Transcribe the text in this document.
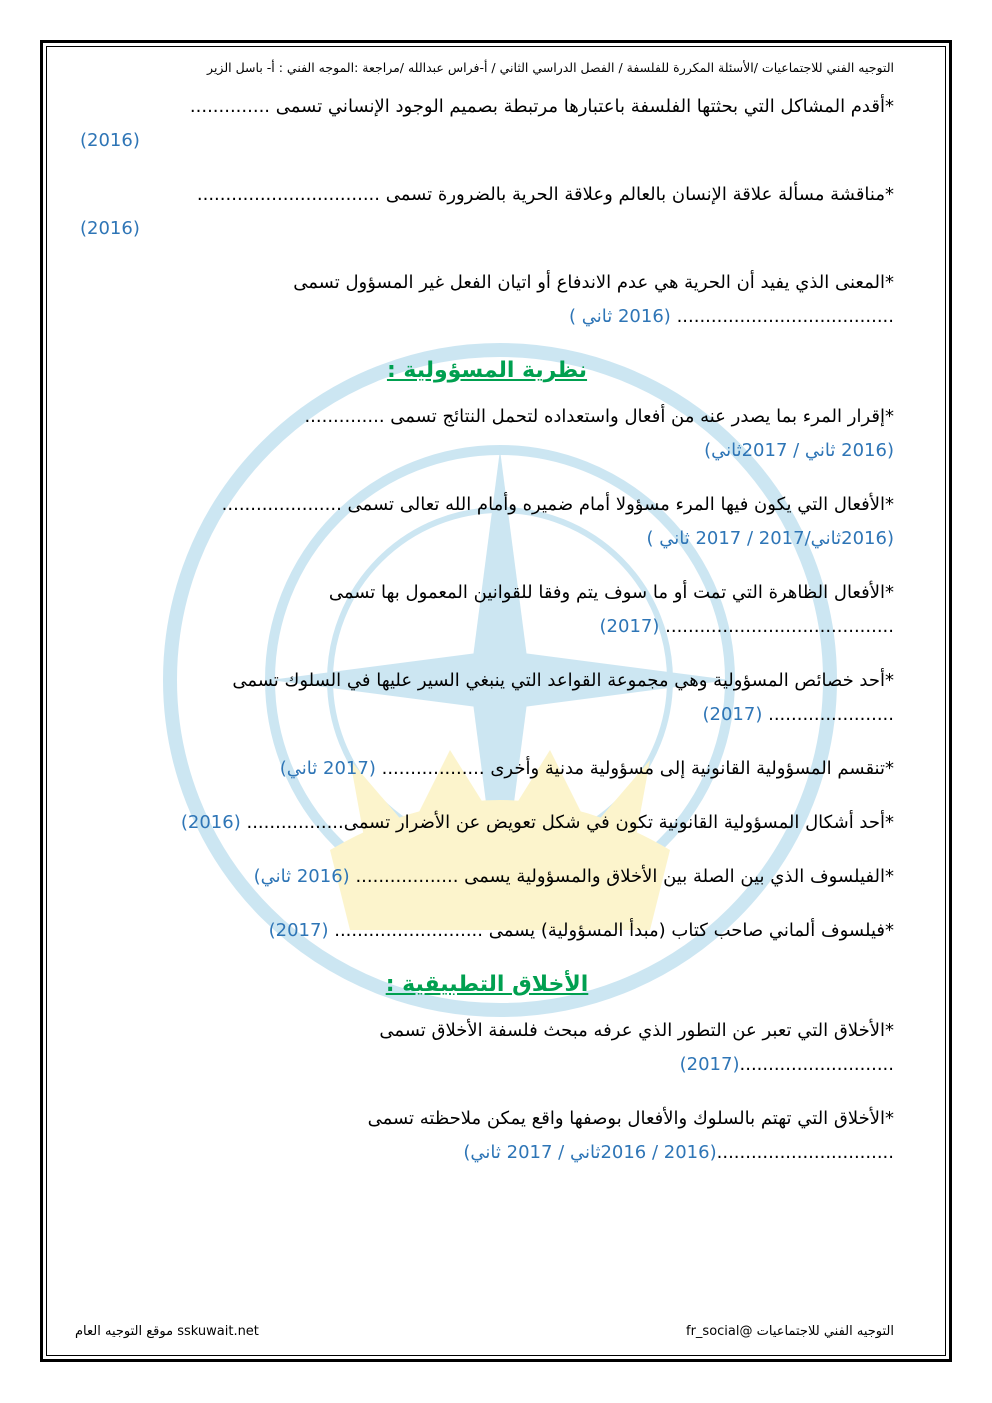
التوجيه الفني للاجتماعيات /الأسئلة المكررة للفلسفة / الفصل الدراسي الثاني / أ-فراس عبدالله /مراجعة :الموجه الفني : أ- باسل الزير
*أقدم المشاكل التي بحثتها الفلسفة باعتبارها مرتبطة بصميم الوجود الإنساني تسمى ..............
(2016)
*مناقشة مسألة علاقة الإنسان بالعالم وعلاقة الحرية بالضرورة تسمى ................................
(2016)
*المعنى الذي يفيد أن الحرية هي عدم الاندفاع أو اتيان الفعل غير المسؤول تسمى
...................................... (2016 ثاني )
نظرية المسؤولية :
*إقرار المرء بما يصدر عنه من أفعال واستعداده لتحمل النتائج تسمى ..............
(2016 ثاني / 2017ثاني)
*الأفعال التي يكون فيها المرء مسؤولا أمام ضميره وأمام الله تعالى تسمى .....................
(2016ثاني/2017 / 2017 ثاني )
*الأفعال الظاهرة التي تمت أو ما سوف يتم وفقا للقوانين المعمول بها تسمى
........................................ (2017)
*أحد خصائص المسؤولية وهي مجموعة القواعد التي ينبغي السير عليها في السلوك تسمى
...................... (2017)
*تنقسم المسؤولية القانونية إلى مسؤولية مدنية وأخرى .................. (2017 ثاني)
*أحد أشكال المسؤولية القانونية تكون في شكل تعويض عن الأضرار تسمى................. (2016)
*الفيلسوف الذي بين الصلة بين الأخلاق والمسؤولية يسمى .................. (2016 ثاني)
*فيلسوف ألماني صاحب كتاب (مبدأ المسؤولية) يسمى .......................... (2017)
الأخلاق التطبيقية :
*الأخلاق التي تعبر عن التطور الذي عرفه مبحث فلسفة الأخلاق تسمى
...........................(2017)
*الأخلاق التي تهتم بالسلوك والأفعال بوصفها واقع يمكن ملاحظته تسمى
...............................(2016 / 2016ثاني / 2017 ثاني)
التوجيه الفني للاجتماعيات @fr_social
sskuwait.net موقع التوجيه العام
